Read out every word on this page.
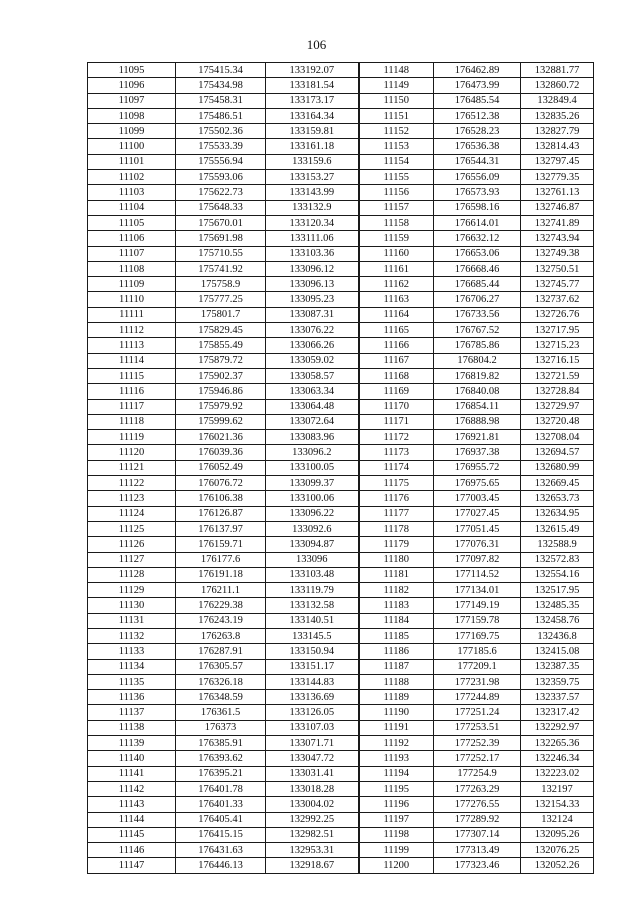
106
11095	175415.34	133192.07	11148	176462.89	132881.77
11096	175434.98	133181.54	11149	176473.99	132860.72
11097	175458.31	133173.17	11150	176485.54	132849.4
11098	175486.51	133164.34	11151	176512.38	132835.26
11099	175502.36	133159.81	11152	176528.23	132827.79
11100	175533.39	133161.18	11153	176536.38	132814.43
11101	175556.94	133159.6	11154	176544.31	132797.45
11102	175593.06	133153.27	11155	176556.09	132779.35
11103	175622.73	133143.99	11156	176573.93	132761.13
11104	175648.33	133132.9	11157	176598.16	132746.87
11105	175670.01	133120.34	11158	176614.01	132741.89
11106	175691.98	133111.06	11159	176632.12	132743.94
11107	175710.55	133103.36	11160	176653.06	132749.38
11108	175741.92	133096.12	11161	176668.46	132750.51
11109	175758.9	133096.13	11162	176685.44	132745.77
11110	175777.25	133095.23	11163	176706.27	132737.62
11111	175801.7	133087.31	11164	176733.56	132726.76
11112	175829.45	133076.22	11165	176767.52	132717.95
11113	175855.49	133066.26	11166	176785.86	132715.23
11114	175879.72	133059.02	11167	176804.2	132716.15
11115	175902.37	133058.57	11168	176819.82	132721.59
11116	175946.86	133063.34	11169	176840.08	132728.84
11117	175979.92	133064.48	11170	176854.11	132729.97
11118	175999.62	133072.64	11171	176888.98	132720.48
11119	176021.36	133083.96	11172	176921.81	132708.04
11120	176039.36	133096.2	11173	176937.38	132694.57
11121	176052.49	133100.05	11174	176955.72	132680.99
11122	176076.72	133099.37	11175	176975.65	132669.45
11123	176106.38	133100.06	11176	177003.45	132653.73
11124	176126.87	133096.22	11177	177027.45	132634.95
11125	176137.97	133092.6	11178	177051.45	132615.49
11126	176159.71	133094.87	11179	177076.31	132588.9
11127	176177.6	133096	11180	177097.82	132572.83
11128	176191.18	133103.48	11181	177114.52	132554.16
11129	176211.1	133119.79	11182	177134.01	132517.95
11130	176229.38	133132.58	11183	177149.19	132485.35
11131	176243.19	133140.51	11184	177159.78	132458.76
11132	176263.8	133145.5	11185	177169.75	132436.8
11133	176287.91	133150.94	11186	177185.6	132415.08
11134	176305.57	133151.17	11187	177209.1	132387.35
11135	176326.18	133144.83	11188	177231.98	132359.75
11136	176348.59	133136.69	11189	177244.89	132337.57
11137	176361.5	133126.05	11190	177251.24	132317.42
11138	176373	133107.03	11191	177253.51	132292.97
11139	176385.91	133071.71	11192	177252.39	132265.36
11140	176393.62	133047.72	11193	177252.17	132246.34
11141	176395.21	133031.41	11194	177254.9	132223.02
11142	176401.78	133018.28	11195	177263.29	132197
11143	176401.33	133004.02	11196	177276.55	132154.33
11144	176405.41	132992.25	11197	177289.92	132124
11145	176415.15	132982.51	11198	177307.14	132095.26
11146	176431.63	132953.31	11199	177313.49	132076.25
11147	176446.13	132918.67	11200	177323.46	132052.26
